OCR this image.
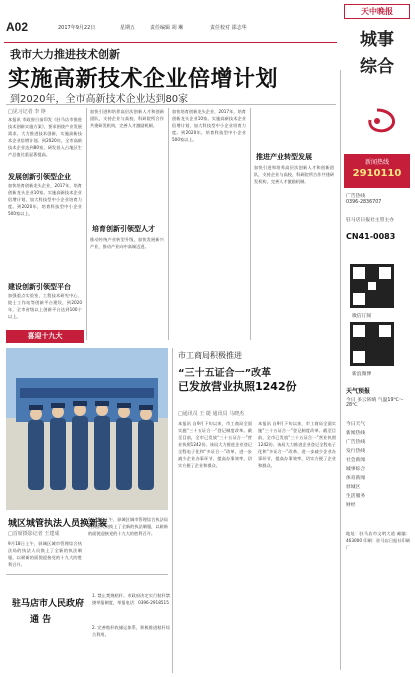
A02	2017年9月22日	星期五	责任编辑 胡 琳	责任校对 邵志华
天中晚报
城事
综合
我市大力推进技术创新
实施高新技术企业倍增计划
到2020年，全市高新技术企业达到80家
□见习记者 李 铮
本报讯 市政府日前印发《驻马店市推进技术创新实施方案》，要求围绕产业发展需求，大力推进技术创新，实施高新技术企业倍增计划。到2020年，全市高新技术企业达到80家，研发投入占地区生产总值比重显著提高。
发展创新引领型企业
加快培育创新龙头企业，2017年，培育创新龙头企业10家。实施高新技术企业倍增计划，加大科技型中小企业培育力度。到2020年，培育科技型中小企业500家以上。
建设创新引领型平台
加强重点实验室、工程技术研究中心、院士工作站等创新平台建设，到2020年，全市省级以上创新平台达到100个以上。
加快引进和培养高层次创新人才和创新团队，支持企业与高校、科研院所合作共建研发机构，完善人才激励机制。
培育创新引领型人才
推动传统产业转型升级，加快发展新兴产业，推动产业向中高端迈进。
加快培育创新龙头企业，2017年，培育创新龙头企业10家。实施高新技术企业倍增计划，加大科技型中小企业培育力度。到2020年，培育科技型中小企业500家以上。
推进产业转型发展
加快引进和培养高层次创新人才和创新团队，支持企业与高校、科研院所合作共建研发机构，完善人才激励机制。
喜迎十九大
城区城管执法人员换新装
□首席摄影记者 王建成
9月18日上午，驿城区城市管理综合执法局的执法人员换上了全新的执法制服，以崭新的面貌迎接党的十九大的胜利召开。
9月18日上午，驿城区城市管理综合执法局的执法人员换上了全新的执法制服，以崭新的面貌迎接党的十九大的胜利召开。
驻马店市人民政府
通 告
1. 禁止焚烧秸秆。市政府决定实行秸秆禁烧举报制度，举报电话：0396-2918515
2. 完善秸秆收储运体系，积极推进秸秆综合利用。
市工商局积极推进
“三十五证合一”改革
已发放营业执照1242份
□通讯员 王 捷 通讯员 马晓杰
本报讯 自9月下旬以来，市工商局全面实施“三十五证合一”登记制度改革。截至目前，全市已发放“三十五证合一”营业执照1242份。该局大力推进企业登记全程电子化和“多证合一”改革，进一步减少企业办事环节，提高办事效率，切实方便了企业和群众。
本报讯 自9月下旬以来，市工商局全面实施“三十五证合一”登记制度改革。截至目前，全市已发放“三十五证合一”营业执照1242份。该局大力推进企业登记全程电子化和“多证合一”改革，进一步减少企业办事环节，提高办事效率，切实方便了企业和群众。
新闻热线
2910110
广告热线
0396-2836707
驻马店日报社主管主办
CN41-0083
微信订阅
新浪微博
天气预报
今日 多云转晴 气温19℃～28℃
今日天气
新闻热线
广告热线
发行热线
社会新闻
城事综合
体育新闻
驿城区
生活服务
财经
地址：驻马店市文明大道 邮编：463000 印刷：驻马店日报社印刷厂
